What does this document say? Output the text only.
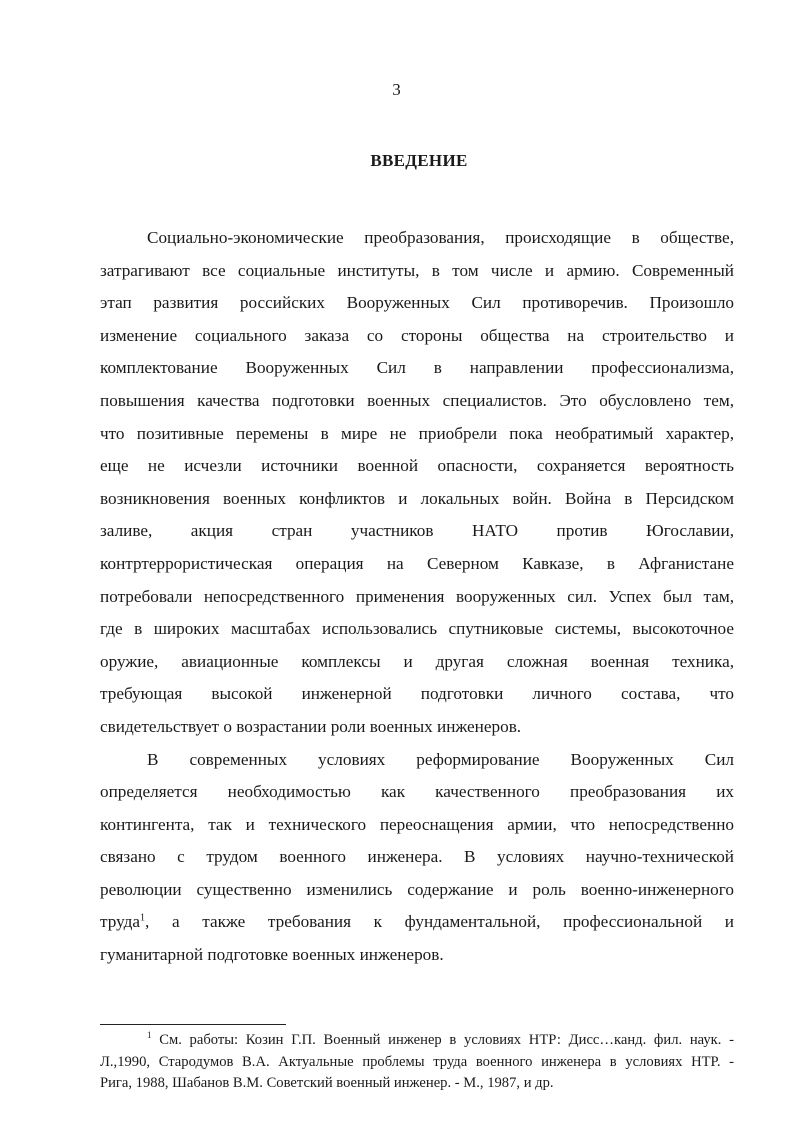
3
ВВЕДЕНИЕ
Социально-экономические преобразования, происходящие в обществе,
затрагивают все социальные институты, в том числе и армию. Современный
этап развития российских Вооруженных Сил противоречив. Произошло
изменение социального заказа со стороны общества на строительство и
комплектование Вооруженных Сил в направлении профессионализма,
повышения качества подготовки военных специалистов. Это обусловлено тем,
что позитивные перемены в мире не приобрели пока необратимый характер,
еще не исчезли источники военной опасности, сохраняется вероятность
возникновения военных конфликтов и локальных войн. Война в Персидском
заливе, акция стран участников НАТО против Югославии,
контртеррористическая операция на Северном Кавказе, в Афганистане
потребовали непосредственного применения вооруженных сил. Успех был там,
где в широких масштабах использовались спутниковые системы, высокоточное
оружие, авиационные комплексы и другая сложная военная техника,
требующая высокой инженерной подготовки личного состава, что
свидетельствует о возрастании роли военных инженеров.
В современных условиях реформирование Вооруженных Сил
определяется необходимостью как качественного преобразования их
контингента, так и технического переоснащения армии, что непосредственно
связано с трудом военного инженера. В условиях научно-технической
революции существенно изменились содержание и роль военно-инженерного
труда$^1$, а также требования к фундаментальной, профессиональной и
гуманитарной подготовке военных инженеров.
$^1$ См. работы: Козин Г.П. Военный инженер в условиях НТР: Дисс…канд. фил. наук. -
Л.,1990, Стародумов В.А. Актуальные проблемы труда военного инженера в условиях НТР. -
Рига, 1988, Шабанов В.М. Советский военный инженер. - М., 1987, и др.
